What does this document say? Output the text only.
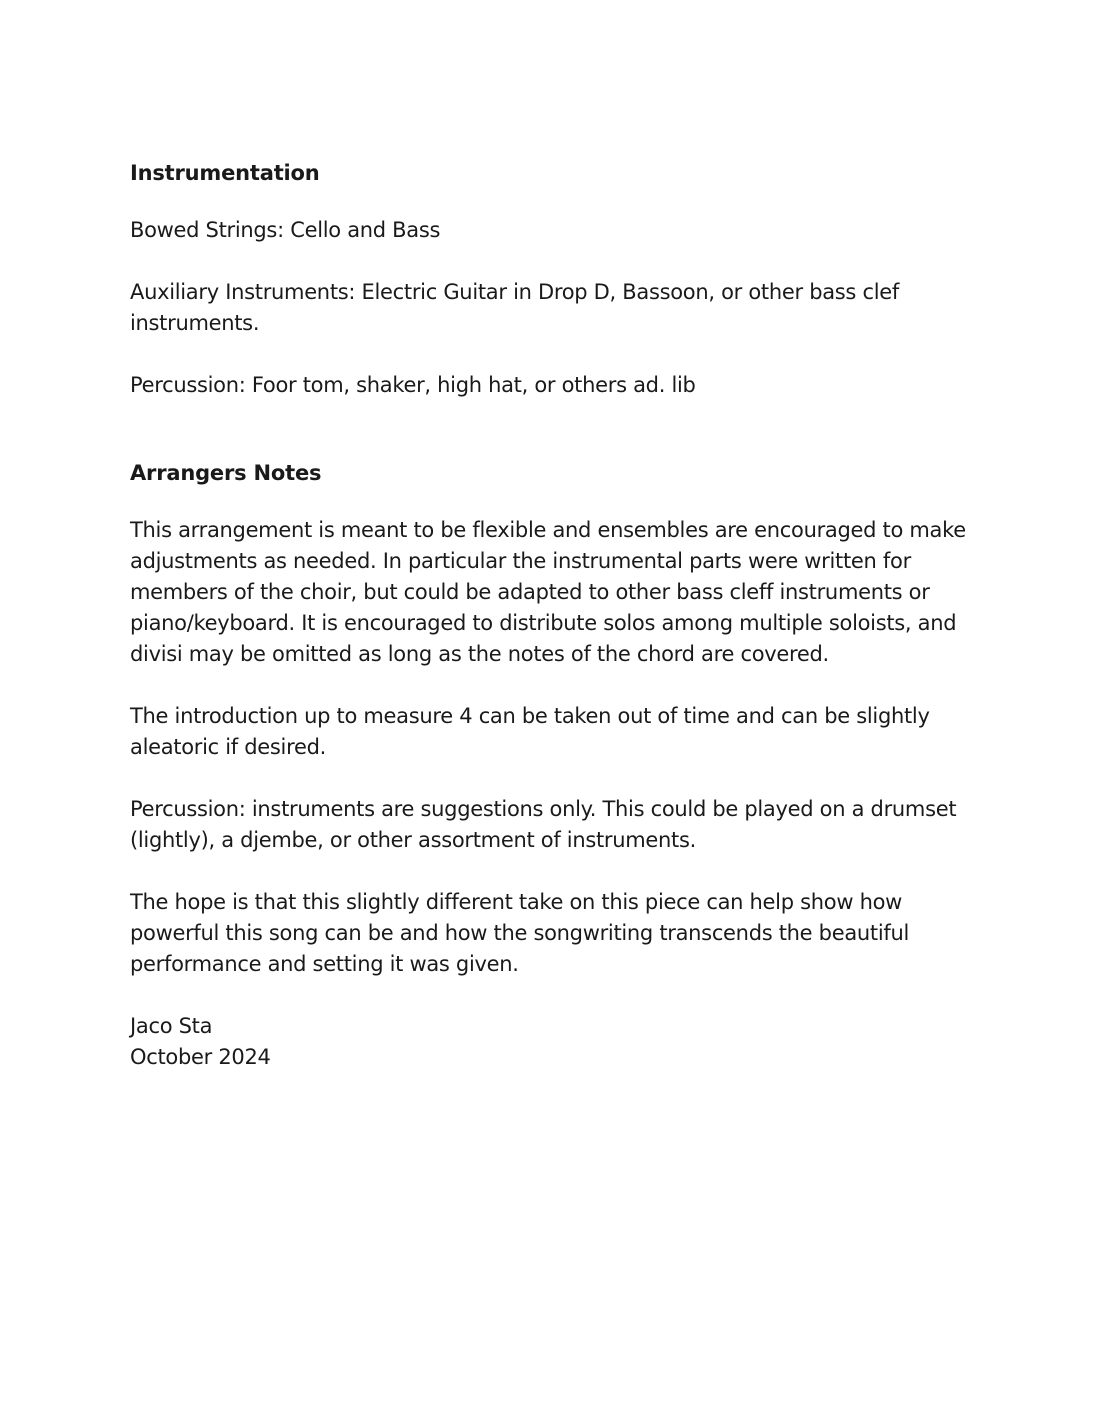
Instrumentation

Bowed Strings: Cello and Bass

Auxiliary Instruments: Electric Guitar in Drop D, Bassoon, or other bass clef instruments.

Percussion: Foor tom, shaker, high hat, or others ad. lib

Arrangers Notes

This arrangement is meant to be flexible and ensembles are encouraged to make adjustments as needed. In particular the instrumental parts were written for members of the choir, but could be adapted to other bass cleff instruments or piano/keyboard. It is encouraged to distribute solos among multiple soloists, and divisi may be omitted as long as the notes of the chord are covered.

The introduction up to measure 4 can be taken out of time and can be slightly aleatoric if desired.

Percussion: instruments are suggestions only. This could be played on a drumset (lightly), a djembe, or other assortment of instruments.

The hope is that this slightly different take on this piece can help show how powerful this song can be and how the songwriting transcends the beautiful performance and setting it was given.

Jaco Sta
October 2024
